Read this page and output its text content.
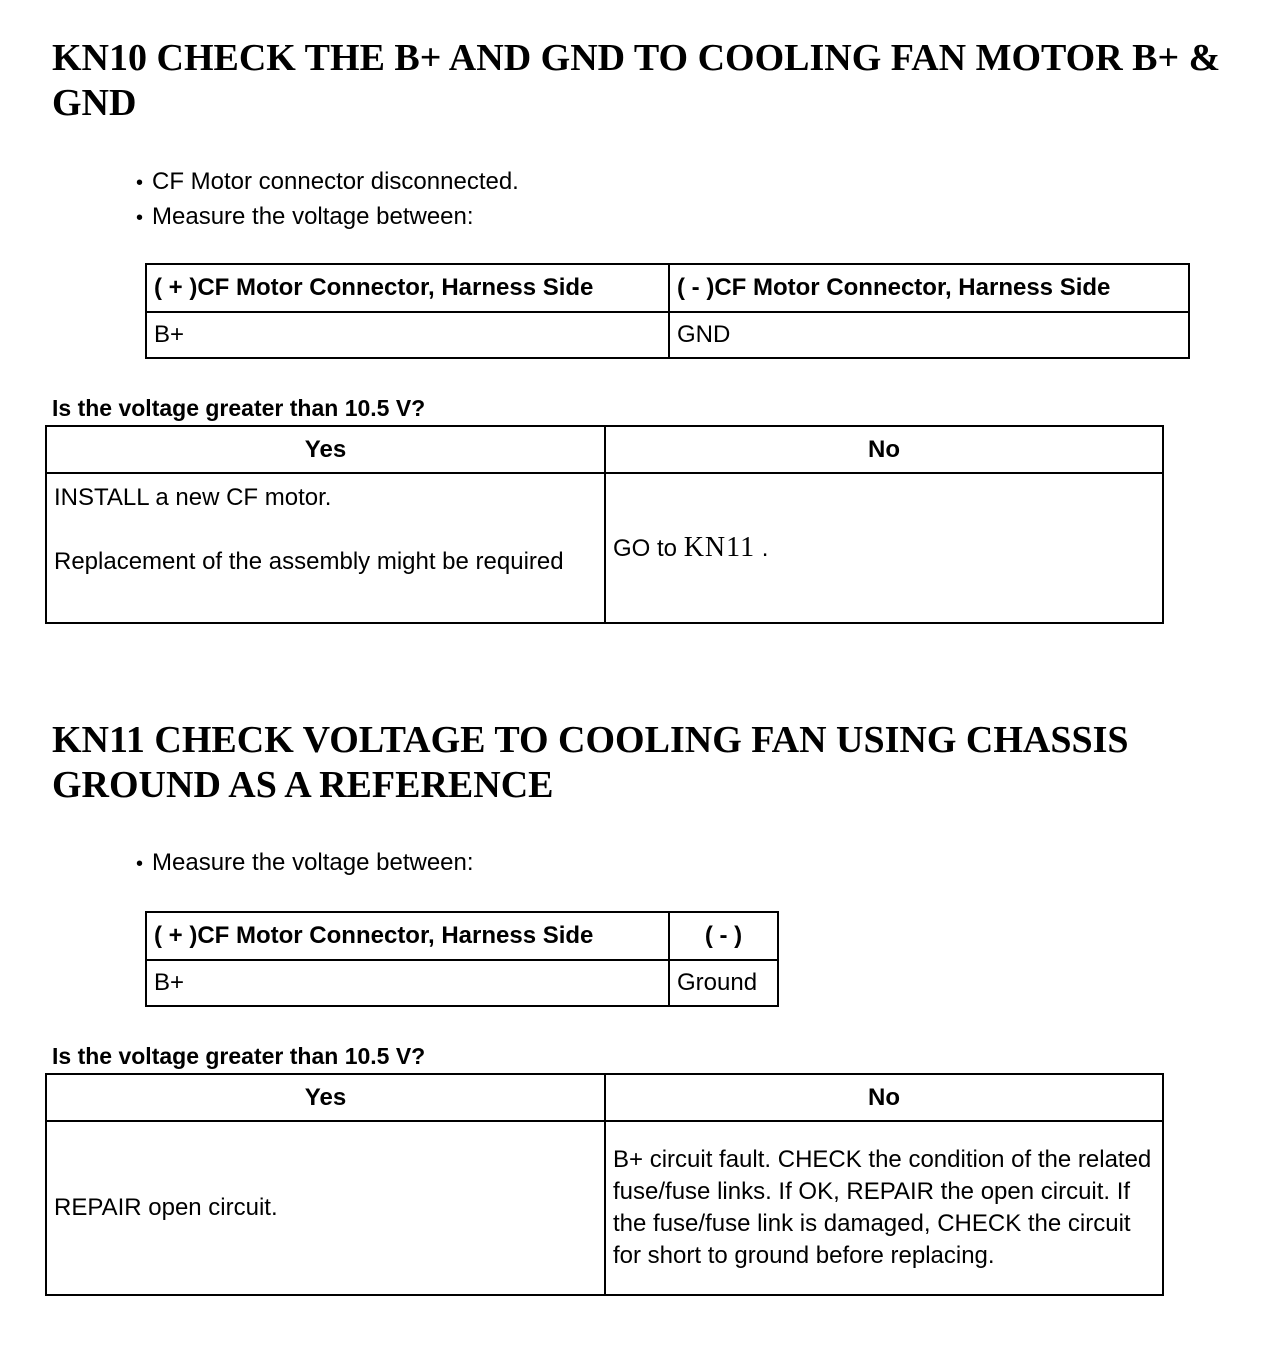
KN10 CHECK THE B+ AND GND TO COOLING FAN MOTOR B+ & GND
• CF Motor connector disconnected.
• Measure the voltage between:
( + )CF Motor Connector, Harness Side	( - )CF Motor Connector, Harness Side
B+	GND

Is the voltage greater than 10.5 V?

Yes	No

INSTALL a new CF motor.
Replacement of the assembly might be required	GO to KN11 .
KN11 CHECK VOLTAGE TO COOLING FAN USING CHASSIS GROUND AS A REFERENCE
• Measure the voltage between:
( + )CF Motor Connector, Harness Side	( - )
B+	Ground

Is the voltage greater than 10.5 V?

Yes	No
REPAIR open circuit.	B+ circuit fault. CHECK the condition of the related fuse/fuse links. If OK, REPAIR the open circuit. If the fuse/fuse link is damaged, CHECK the circuit for short to ground before replacing.
